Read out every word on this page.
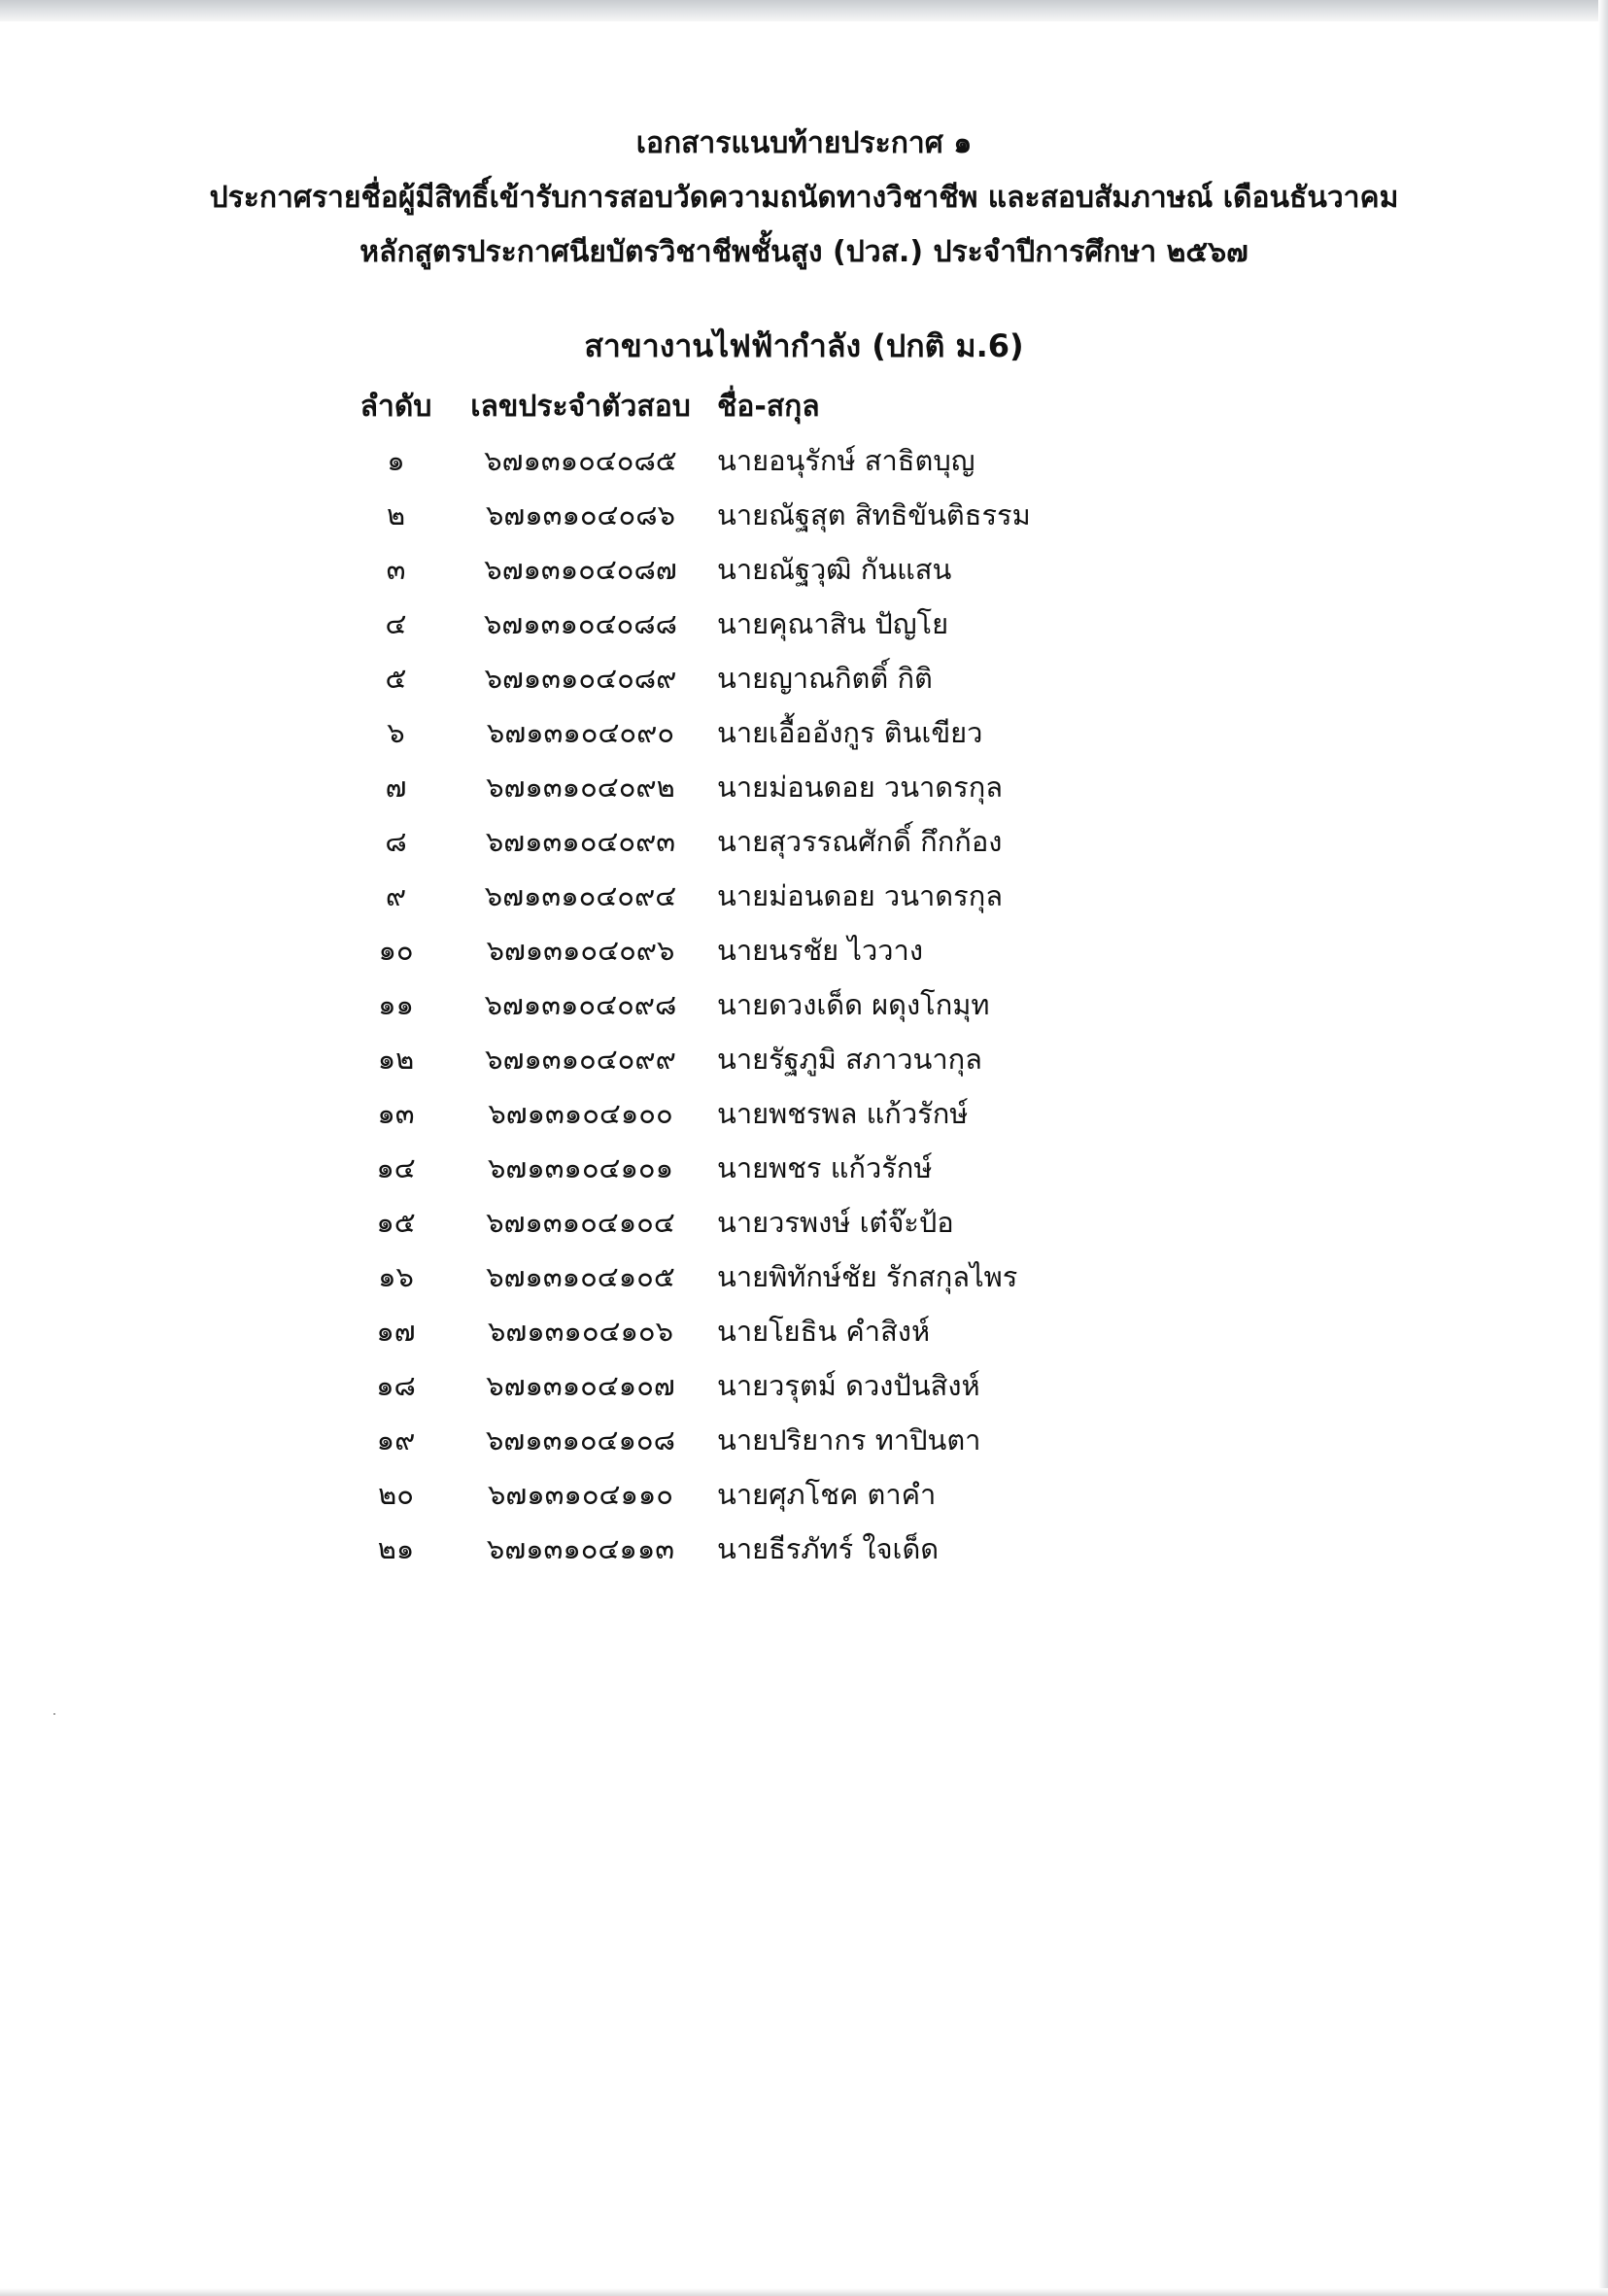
เอกสารแนบท้ายประกาศ ๑
ประกาศรายชื่อผู้มีสิทธิ์เข้ารับการสอบวัดความถนัดทางวิชาชีพ และสอบสัมภาษณ์ เดือนธันวาคม
หลักสูตรประกาศนียบัตรวิชาชีพชั้นสูง (ปวส.) ประจำปีการศึกษา ๒๕๖๗
สาขางานไฟฟ้ากำลัง (ปกติ ม.6)
ลำดับ	เลขประจำตัวสอบ ชื่อ-สกุล
๑	๖๗๑๓๑๐๔๐๘๕	นายอนุรักษ์ สาธิตบุญ
๒	๖๗๑๓๑๐๔๐๘๖	นายณัฐสุต สิทธิขันติธรรม
๓	๖๗๑๓๑๐๔๐๘๗	นายณัฐวุฒิ กันแสน
๔	๖๗๑๓๑๐๔๐๘๘	นายคุณาสิน ปัญโย
๕	๖๗๑๓๑๐๔๐๘๙	นายญาณกิตติ์ กิติ
๖	๖๗๑๓๑๐๔๐๙๐	นายเอื้ออังกูร ตินเขียว
๗	๖๗๑๓๑๐๔๐๙๒	นายม่อนดอย วนาดรกุล
๘	๖๗๑๓๑๐๔๐๙๓	นายสุวรรณศักดิ์ กึกก้อง
๙	๖๗๑๓๑๐๔๐๙๔	นายม่อนดอย วนาดรกุล
๑๐	๖๗๑๓๑๐๔๐๙๖	นายนรชัย ไววาง
๑๑	๖๗๑๓๑๐๔๐๙๘	นายดวงเด็ด ผดุงโกมุท
๑๒	๖๗๑๓๑๐๔๐๙๙	นายรัฐภูมิ สภาวนากุล
๑๓	๖๗๑๓๑๐๔๑๐๐	นายพชรพล แก้วรักษ์
๑๔	๖๗๑๓๑๐๔๑๐๑	นายพชร แก้วรักษ์
๑๕	๖๗๑๓๑๐๔๑๐๔	นายวรพงษ์ เต๋จ๊ะป้อ
๑๖	๖๗๑๓๑๐๔๑๐๕	นายพิทักษ์ชัย รักสกุลไพร
๑๗	๖๗๑๓๑๐๔๑๐๖	นายโยธิน คำสิงห์
๑๘	๖๗๑๓๑๐๔๑๐๗	นายวรุตม์ ดวงปันสิงห์
๑๙	๖๗๑๓๑๐๔๑๐๘	นายปริยากร ทาปินตา
๒๐	๖๗๑๓๑๐๔๑๑๐	นายศุภโชค ตาคำ
๒๑	๖๗๑๓๑๐๔๑๑๓	นายธีรภัทร์ ใจเด็ด
